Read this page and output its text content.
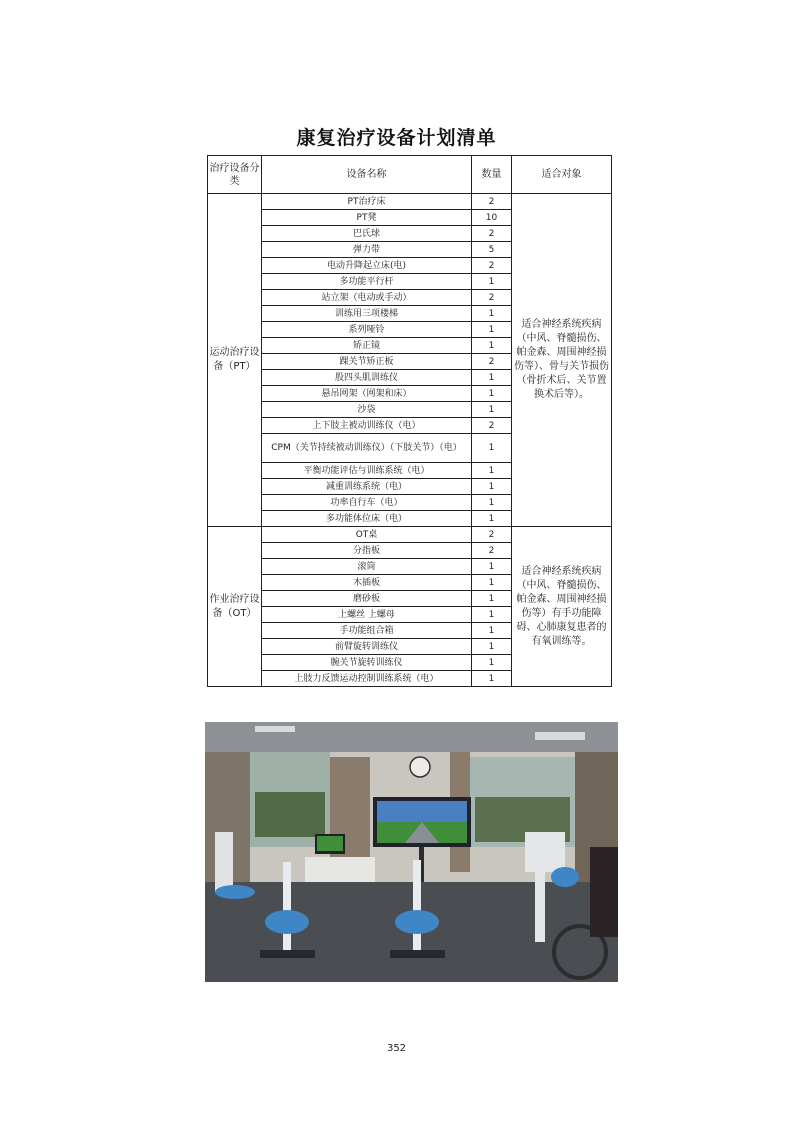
康复治疗设备计划清单
治疗设备分类	设备名称	数量	适合对象
运动治疗设备（PT）	PT治疗床	2	适合神经系统疾病（中风、脊髓损伤、帕金森、周围神经损伤等）、骨与关节损伤（骨折术后、关节置换术后等）。
	PT凳	10	
	巴氏球	2	
	弹力带	5	
	电动升降起立床(电)	2	
	多功能平行杆	1	
	站立架（电动或手动）	2	
	训练用三项楼梯	1	
	系列哑铃	1	
	矫正镜	1	
	踝关节矫正板	2	
	股四头肌训练仪	1	
	悬吊网架（网架和床）	1	
	沙袋	1	
	上下肢主被动训练仪（电）	2	
	CPM（关节持续被动训练仪）（下肢关节）（电）	1	
	平衡功能评估与训练系统（电）	1	
	减重训练系统（电）	1	
	功率自行车（电）	1	
	多功能体位床（电）	1	
作业治疗设备（OT）	OT桌	2	适合神经系统疾病（中风、脊髓损伤、帕金森、周围神经损伤等）有手功能障碍、心肺康复患者的有氧训练等。
	分指板	2	
	滚筒	1	
	木插板	1	
	磨砂板	1	
	上螺丝 上螺母	1	
	手功能组合箱	1	
	前臂旋转训练仪	1	
	腕关节旋转训练仪	1	
	上肢力反馈运动控制训练系统（电）	1	
352
